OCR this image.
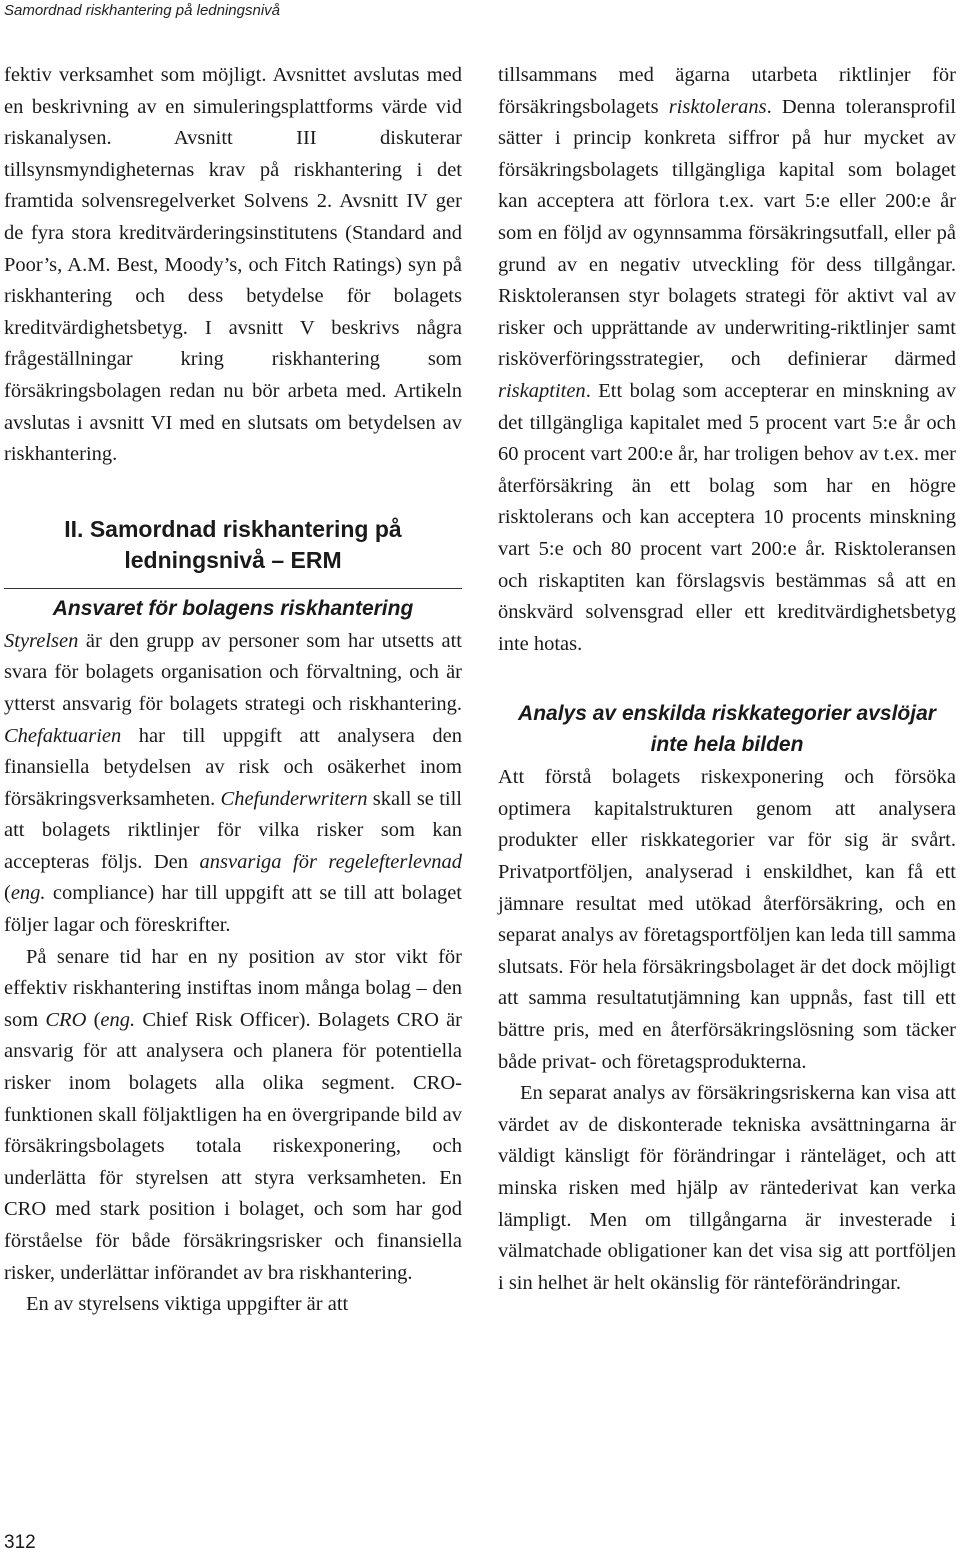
Samordnad riskhantering på ledningsnivå

fektiv verksamhet som möjligt. Avsnittet avslutas med en beskrivning av en simuleringsplattforms värde vid riskanalysen. Avsnitt III diskuterar tillsynsmyndigheternas krav på riskhantering i det framtida solvensregelverket Solvens 2. Avsnitt IV ger de fyra stora kreditvärderingsinstitutens (Standard and Poor’s, A.M. Best, Moody’s, och Fitch Ratings) syn på riskhantering och dess betydelse för bolagets kreditvärdighetsbetyg. I avsnitt V beskrivs några frågeställningar kring riskhantering som försäkringsbolagen redan nu bör arbeta med. Artikeln avslutas i avsnitt VI med en slutsats om betydelsen av riskhantering.

II. Samordnad riskhantering på ledningsnivå – ERM
Ansvaret för bolagens riskhantering

Styrelsen är den grupp av personer som har utsetts att svara för bolagets organisation och förvaltning, och är ytterst ansvarig för bolagets strategi och riskhantering. Chefaktuarien har till uppgift att analysera den finansiella betydelsen av risk och osäkerhet inom försäkringsverksamheten. Chefunderwritern skall se till att bolagets riktlinjer för vilka risker som kan accepteras följs. Den ansvariga för regelefterlevnad (eng. compliance) har till uppgift att se till att bolaget följer lagar och föreskrifter.

På senare tid har en ny position av stor vikt för effektiv riskhantering instiftas inom många bolag – den som CRO (eng. Chief Risk Officer). Bolagets CRO är ansvarig för att analysera och planera för potentiella risker inom bolagets alla olika segment. CRO-funktionen skall följaktligen ha en övergripande bild av försäkringsbolagets totala riskexponering, och underlätta för styrelsen att styra verksamheten. En CRO med stark position i bolaget, och som har god förståelse för både försäkringsrisker och finansiella risker, underlättar införandet av bra riskhantering.

En av styrelsens viktiga uppgifter är att

tillsammans med ägarna utarbeta riktlinjer för försäkringsbolagets risktolerans. Denna toleransprofil sätter i princip konkreta siffror på hur mycket av försäkringsbolagets tillgängliga kapital som bolaget kan acceptera att förlora t.ex. vart 5:e eller 200:e år som en följd av ogynnsamma försäkringsutfall, eller på grund av en negativ utveckling för dess tillgångar. Risktoleransen styr bolagets strategi för aktivt val av risker och upprättande av underwriting-riktlinjer samt risköverföringsstrategier, och definierar därmed riskaptiten. Ett bolag som accepterar en minskning av det tillgängliga kapitalet med 5 procent vart 5:e år och 60 procent vart 200:e år, har troligen behov av t.ex. mer återförsäkring än ett bolag som har en högre risktolerans och kan acceptera 10 procents minskning vart 5:e och 80 procent vart 200:e år. Risktoleransen och riskaptiten kan förslagsvis bestämmas så att en önskvärd solvensgrad eller ett kreditvärdighetsbetyg inte hotas.

Analys av enskilda riskkategorier avslöjar inte hela bilden

Att förstå bolagets riskexponering och försöka optimera kapitalstrukturen genom att analysera produkter eller riskkategorier var för sig är svårt. Privatportföljen, analyserad i enskildhet, kan få ett jämnare resultat med utökad återförsäkring, och en separat analys av företagsportföljen kan leda till samma slutsats. För hela försäkringsbolaget är det dock möjligt att samma resultatutjämning kan uppnås, fast till ett bättre pris, med en återförsäkringslösning som täcker både privat- och företagsprodukterna.

En separat analys av försäkringsriskerna kan visa att värdet av de diskonterade tekniska avsättningarna är väldigt känsligt för förändringar i ränteläget, och att minska risken med hjälp av räntederivat kan verka lämpligt. Men om tillgångarna är investerade i välmatchade obligationer kan det visa sig att portföljen i sin helhet är helt okänslig för ränteförändringar.

312
